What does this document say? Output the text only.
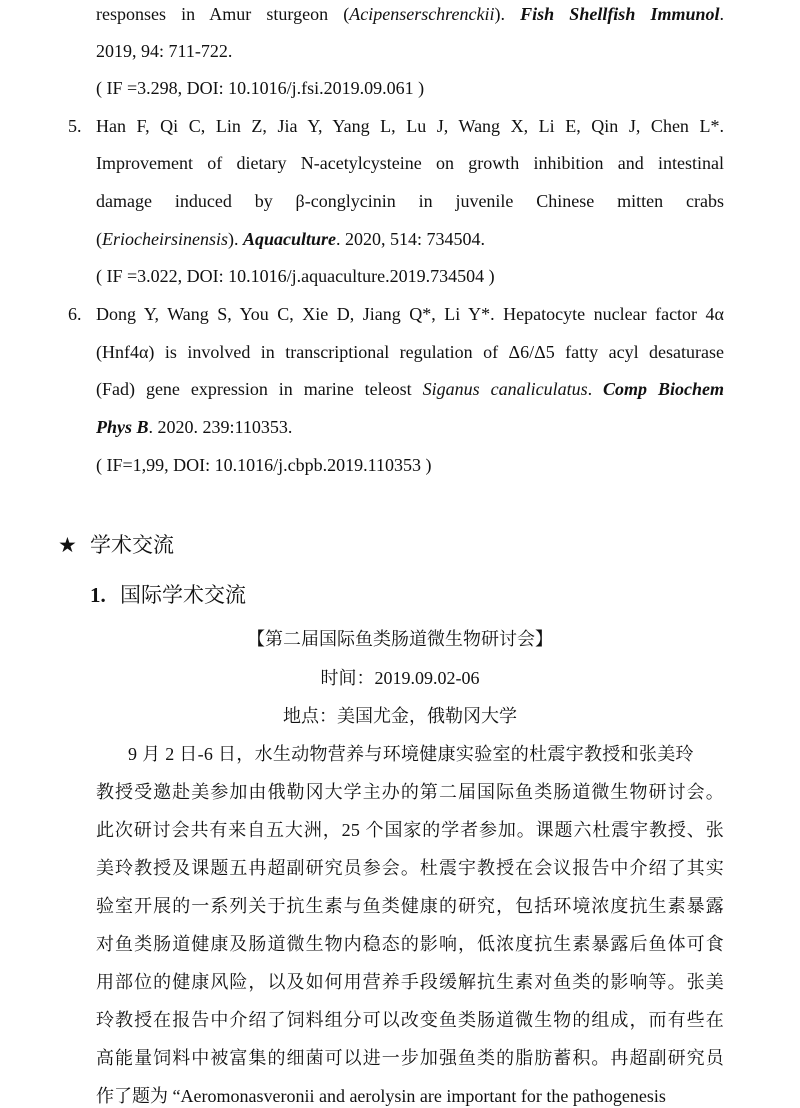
responses in Amur sturgeon (Acipenserschrenckii). Fish Shellfish Immunol.
2019, 94: 711-722.
( IF =3.298, DOI: 10.1016/j.fsi.2019.09.061 )
5. Han F, Qi C, Lin Z, Jia Y, Yang L, Lu J, Wang X, Li E, Qin J, Chen L*.
Improvement of dietary N-acetylcysteine on growth inhibition and intestinal
damage induced by β-conglycinin in juvenile Chinese mitten crabs
(Eriocheirsinensis). Aquaculture. 2020, 514: 734504.
( IF =3.022, DOI: 10.1016/j.aquaculture.2019.734504 )
6. Dong Y, Wang S, You C, Xie D, Jiang Q*, Li Y*. Hepatocyte nuclear factor 4α
(Hnf4α) is involved in transcriptional regulation of Δ6/Δ5 fatty acyl desaturase
(Fad) gene expression in marine teleost Siganus canaliculatus. Comp Biochem
Phys B. 2020. 239:110353.
( IF=1,99, DOI: 10.1016/j.cbpb.2019.110353 )
★ 学术交流
1. 国际学术交流
【第二届国际鱼类肠道微生物研讨会】
时间：2019.09.02-06
地点：美国尤金，俄勒冈大学
9 月 2 日-6 日，水生动物营养与环境健康实验室的杜震宇教授和张美玲
教授受邀赴美参加由俄勒冈大学主办的第二届国际鱼类肠道微生物研讨会。
此次研讨会共有来自五大洲，25 个国家的学者参加。课题六杜震宇教授、张
美玲教授及课题五冉超副研究员参会。杜震宇教授在会议报告中介绍了其实
验室开展的一系列关于抗生素与鱼类健康的研究，包括环境浓度抗生素暴露
对鱼类肠道健康及肠道微生物内稳态的影响，低浓度抗生素暴露后鱼体可食
用部位的健康风险，以及如何用营养手段缓解抗生素对鱼类的影响等。张美
玲教授在报告中介绍了饲料组分可以改变鱼类肠道微生物的组成，而有些在
高能量饲料中被富集的细菌可以进一步加强鱼类的脂肪蓄积。冉超副研究员
作了题为 “Aeromonasveronii and aerolysin are important for the pathogenesis
